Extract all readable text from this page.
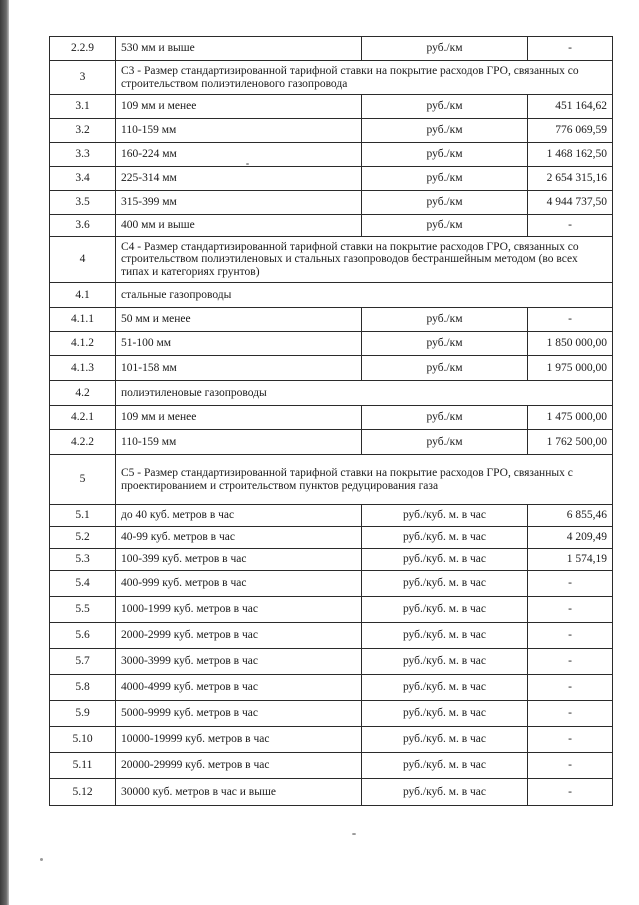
2.2.9	530 мм и выше	руб./км	-
3	С3 - Размер стандартизированной тарифной ставки на покрытие расходов ГРО, связанных со строительством полиэтиленового газопровода		
3.1	109 мм и менее	руб./км	451 164,62
3.2	110-159 мм	руб./км	776 069,59
3.3	160-224 мм	руб./км	1 468 162,50
3.4	225-314 мм	руб./км	2 654 315,16
3.5	315-399 мм	руб./км	4 944 737,50
3.6	400 мм и выше	руб./км	-
4	С4 - Размер стандартизированной тарифной ставки на покрытие расходов ГРО, связанных со строительством полиэтиленовых и стальных газопроводов бестраншейным методом (во всех типах и категориях грунтов)		
4.1	стальные газопроводы		
4.1.1	50 мм и менее	руб./км	-
4.1.2	51-100 мм	руб./км	1 850 000,00
4.1.3	101-158 мм	руб./км	1 975 000,00
4.2	полиэтиленовые газопроводы		
4.2.1	109 мм и менее	руб./км	1 475 000,00
4.2.2	110-159 мм	руб./км	1 762 500,00
5	С5 - Размер стандартизированной тарифной ставки на покрытие расходов ГРО, связанных с проектированием и строительством пунктов редуцирования газа		
5.1	до 40 куб. метров в час	руб./куб. м. в час	6 855,46
5.2	40-99 куб. метров в час	руб./куб. м. в час	4 209,49
5.3	100-399 куб. метров в час	руб./куб. м. в час	1 574,19
5.4	400-999 куб. метров в час	руб./куб. м. в час	-
5.5	1000-1999 куб. метров в час	руб./куб. м. в час	-
5.6	2000-2999 куб. метров в час	руб./куб. м. в час	-
5.7	3000-3999 куб. метров в час	руб./куб. м. в час	-
5.8	4000-4999 куб. метров в час	руб./куб. м. в час	-
5.9	5000-9999 куб. метров в час	руб./куб. м. в час	-
5.10	10000-19999 куб. метров в час	руб./куб. м. в час	-
5.11	20000-29999 куб. метров в час	руб./куб. м. в час	-
5.12	30000 куб. метров в час и выше	руб./куб. м. в час	-
